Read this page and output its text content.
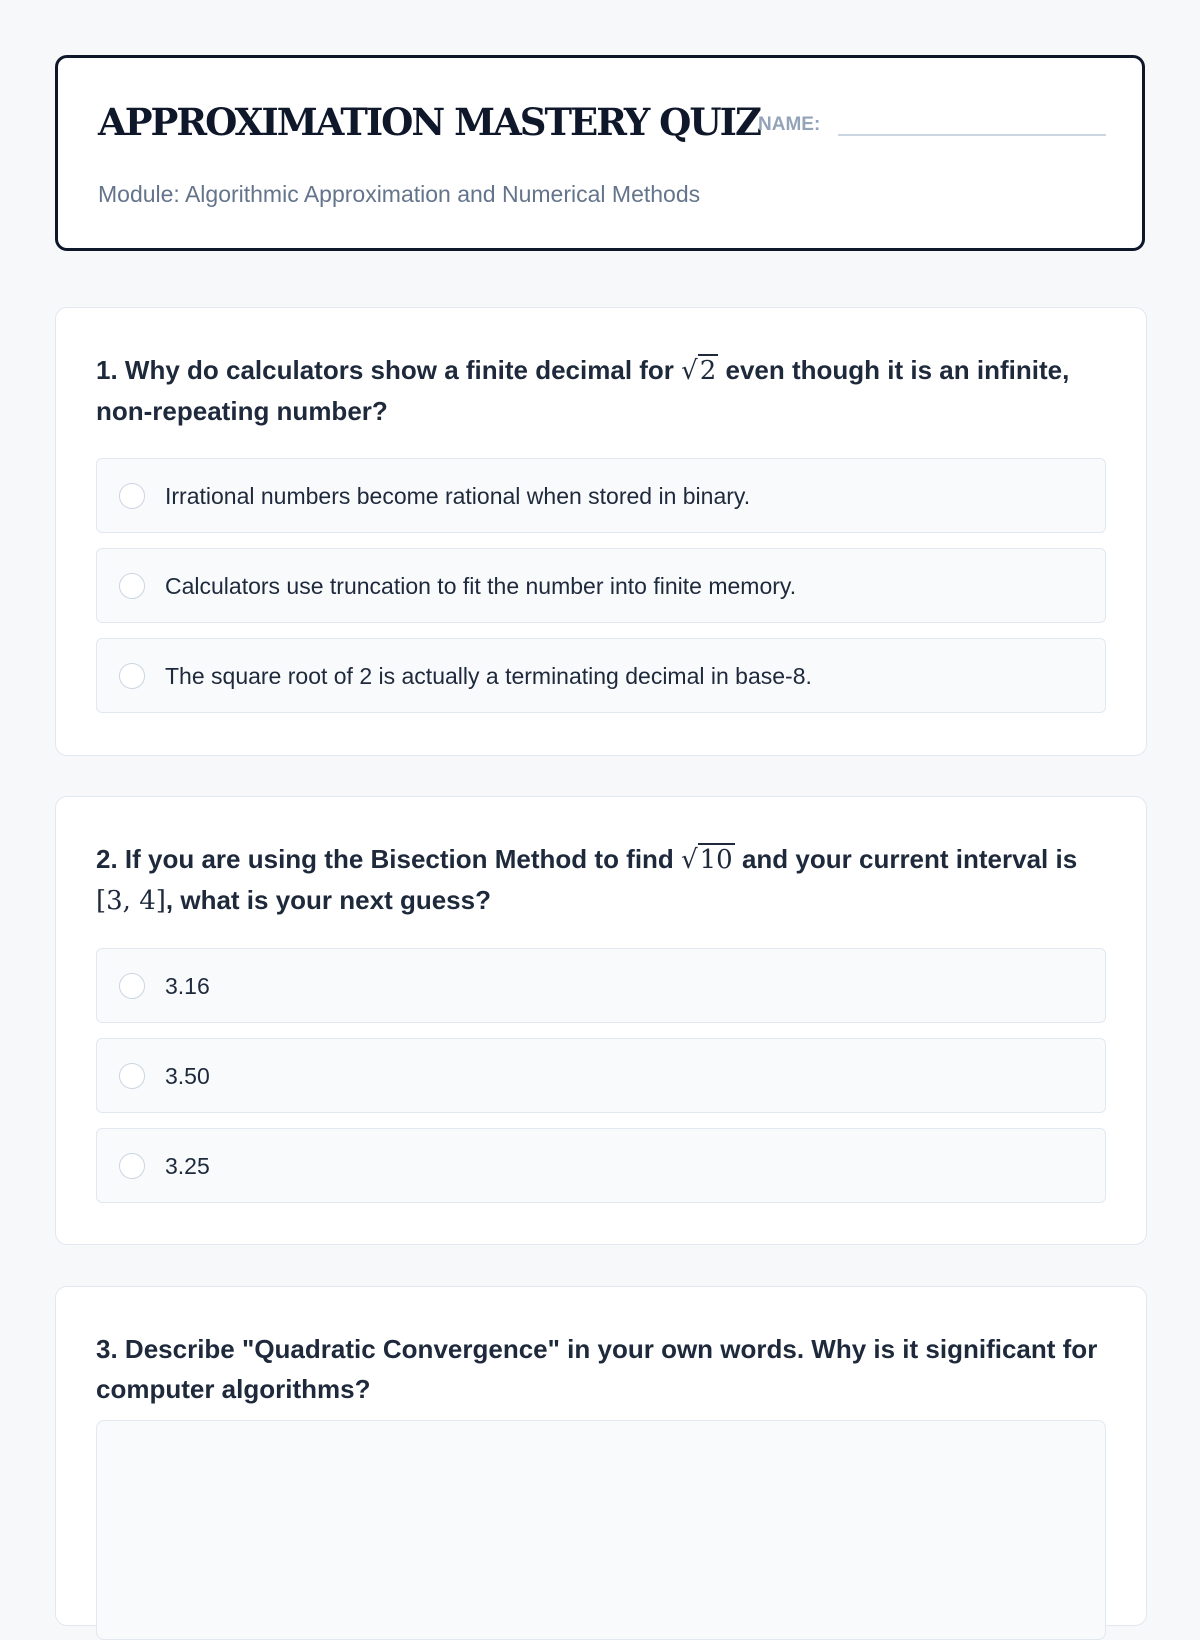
APPROXIMATION MASTERY QUIZ
NAME:
Module: Algorithmic Approximation and Numerical Methods

1. Why do calculators show a finite decimal for √2 even though it is an infinite, non-repeating number?

Irrational numbers become rational when stored in binary.
Calculators use truncation to fit the number into finite memory.
The square root of 2 is actually a terminating decimal in base-8.

2. If you are using the Bisection Method to find √10 and your current interval is [3, 4], what is your next guess?

3.16
3.50
3.25

3. Describe "Quadratic Convergence" in your own words. Why is it significant for computer algorithms?
